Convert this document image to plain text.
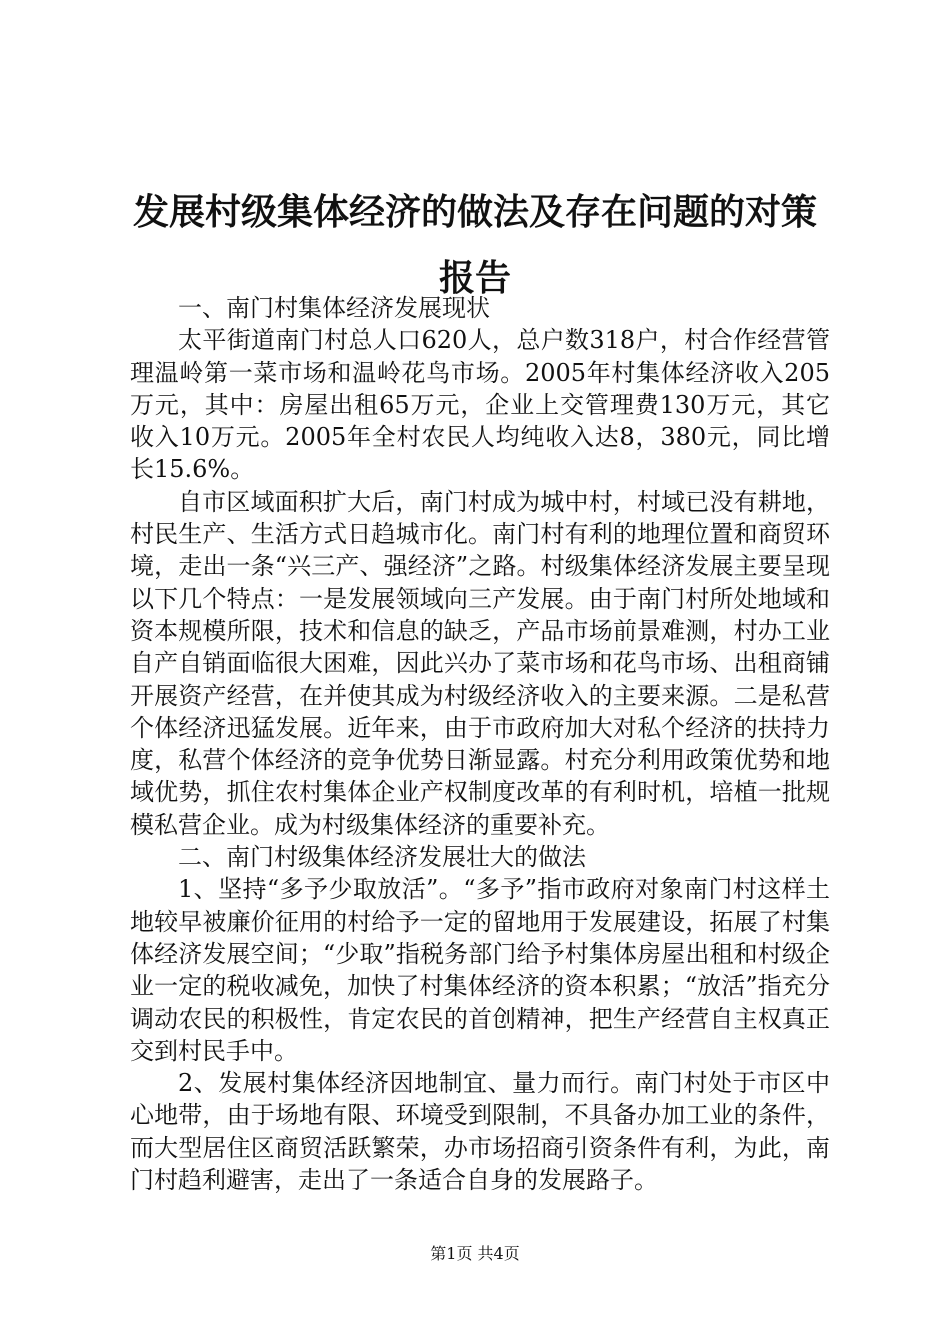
发展村级集体经济的做法及存在问题的对策报告

一、南门村集体经济发展现状

太平街道南门村总人口620人，总户数318户，村合作经营管理温岭第一菜市场和温岭花鸟市场。2005年村集体经济收入205万元，其中：房屋出租65万元，企业上交管理费130万元，其它收入10万元。2005年全村农民人均纯收入达8，380元，同比增长15.6%。

自市区域面积扩大后，南门村成为城中村，村域已没有耕地，村民生产、生活方式日趋城市化。南门村有利的地理位置和商贸环境，走出一条“兴三产、强经济”之路。村级集体经济发展主要呈现以下几个特点：一是发展领域向三产发展。由于南门村所处地域和资本规模所限，技术和信息的缺乏，产品市场前景难测，村办工业自产自销面临很大困难，因此兴办了菜市场和花鸟市场、出租商铺开展资产经营，在并使其成为村级经济收入的主要来源。二是私营个体经济迅猛发展。近年来，由于市政府加大对私个经济的扶持力度，私营个体经济的竞争优势日渐显露。村充分利用政策优势和地域优势，抓住农村集体企业产权制度改革的有利时机，培植一批规模私营企业。成为村级集体经济的重要补充。

二、南门村级集体经济发展壮大的做法

1、坚持“多予少取放活”。“多予”指市政府对象南门村这样土地较早被廉价征用的村给予一定的留地用于发展建设，拓展了村集体经济发展空间；“少取”指税务部门给予村集体房屋出租和村级企业一定的税收减免，加快了村集体经济的资本积累；“放活”指充分调动农民的积极性，肯定农民的首创精神，把生产经营自主权真正交到村民手中。

2、发展村集体经济因地制宜、量力而行。南门村处于市区中心地带，由于场地有限、环境受到限制，不具备办加工业的条件，而大型居住区商贸活跃繁荣，办市场招商引资条件有利，为此，南门村趋利避害，走出了一条适合自身的发展路子。

第1页 共4页
